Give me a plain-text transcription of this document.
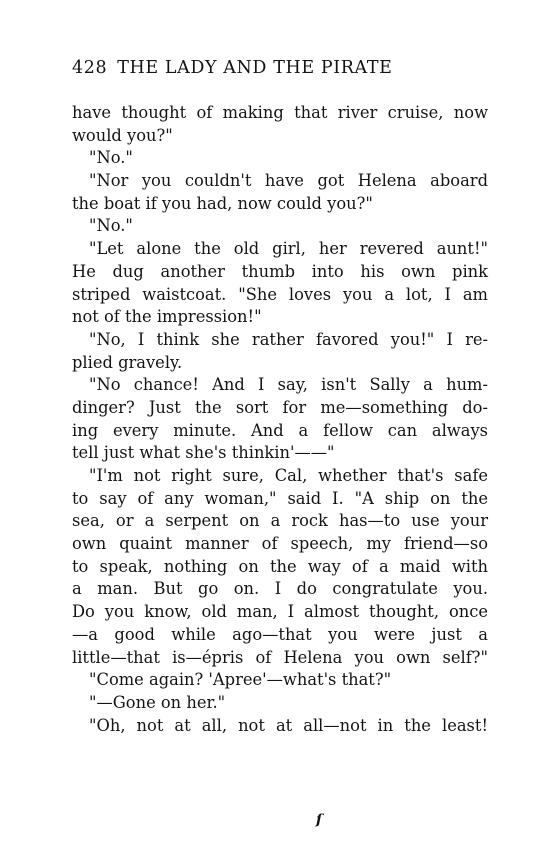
428 THE LADY AND THE PIRATE
have thought of making that river cruise, now
would you?"
"No."
"Nor you couldn't have got Helena aboard
the boat if you had, now could you?"
"No."
"Let alone the old girl, her revered aunt!"
He dug another thumb into his own pink
striped waistcoat. "She loves you a lot, I am
not of the impression!"
"No, I think she rather favored you!" I re-
plied gravely.
"No chance! And I say, isn't Sally a hum-
dinger? Just the sort for me—something do-
ing every minute. And a fellow can always
tell just what she's thinkin'——"
"I'm not right sure, Cal, whether that's safe
to say of any woman," said I. "A ship on the
sea, or a serpent on a rock has—to use your
own quaint manner of speech, my friend—so
to speak, nothing on the way of a maid with
a man. But go on. I do congratulate you.
Do you know, old man, I almost thought, once
—a good while ago—that you were just a
little—that is—épris of Helena you own self?"
"Come again? 'Apree'—what's that?"
"—Gone on her."
"Oh, not at all, not at all—not in the least!
ſ
